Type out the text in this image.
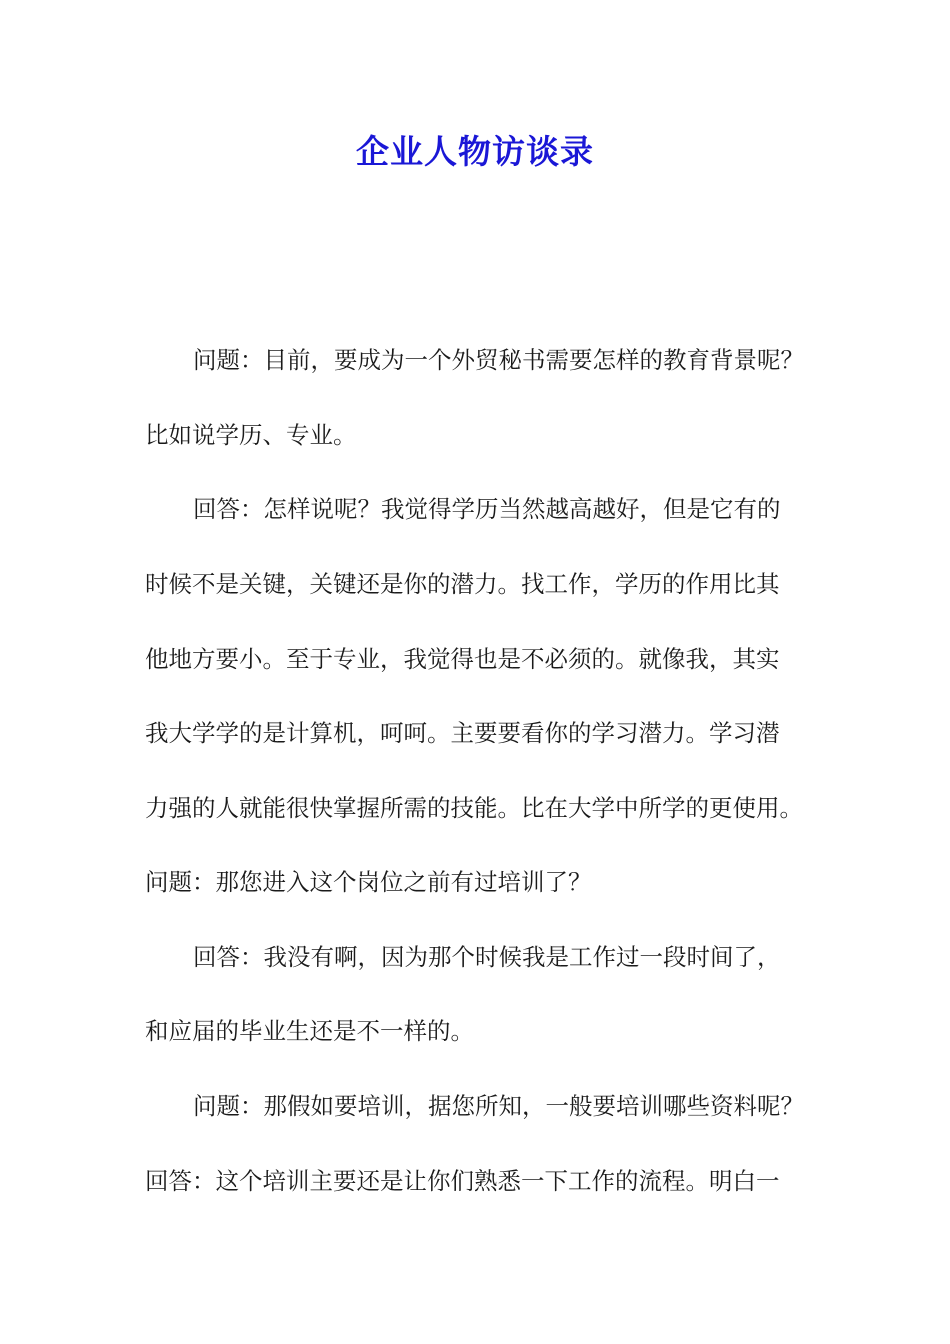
企业人物访谈录
问题：目前，要成为一个外贸秘书需要怎样的教育背景呢？
比如说学历、专业。
回答：怎样说呢？我觉得学历当然越高越好，但是它有的
时候不是关键，关键还是你的潜力。找工作，学历的作用比其
他地方要小。至于专业，我觉得也是不必须的。就像我，其实
我大学学的是计算机，呵呵。主要要看你的学习潜力。学习潜
力强的人就能很快掌握所需的技能。比在大学中所学的更使用。
问题：那您进入这个岗位之前有过培训了？
回答：我没有啊，因为那个时候我是工作过一段时间了，
和应届的毕业生还是不一样的。
问题：那假如要培训，据您所知，一般要培训哪些资料呢？
回答：这个培训主要还是让你们熟悉一下工作的流程。明白一
